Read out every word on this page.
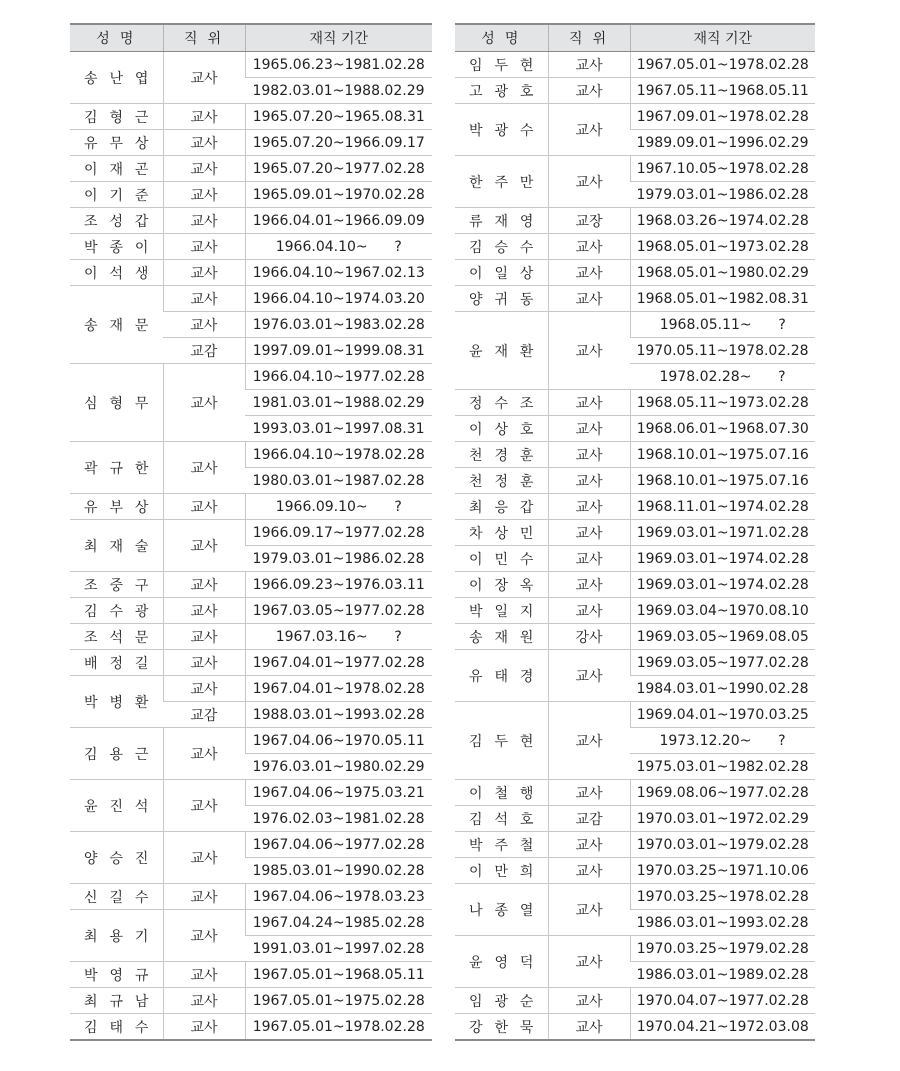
성 명	직 위	재직 기간
송난엽	교사	1965.06.23~1981.02.28
		1982.03.01~1988.02.29
김형근	교사	1965.07.20~1965.08.31
유무상	교사	1965.07.20~1966.09.17
이재곤	교사	1965.07.20~1977.02.28
이기준	교사	1965.09.01~1970.02.28
조성갑	교사	1966.04.01~1966.09.09
박종이	교사	1966.04.10~      ?
이석생	교사	1966.04.10~1967.02.13
송재문	교사	1966.04.10~1974.03.20
	교사	1976.03.01~1983.02.28
	교감	1997.09.01~1999.08.31
심형무	교사	1966.04.10~1977.02.28
		1981.03.01~1988.02.29
		1993.03.01~1997.08.31
곽규한	교사	1966.04.10~1978.02.28
		1980.03.01~1987.02.28
유부상	교사	1966.09.10~      ?
최재술	교사	1966.09.17~1977.02.28
		1979.03.01~1986.02.28
조중구	교사	1966.09.23~1976.03.11
김수광	교사	1967.03.05~1977.02.28
조석문	교사	1967.03.16~      ?
배정길	교사	1967.04.01~1977.02.28
박병환	교사	1967.04.01~1978.02.28
	교감	1988.03.01~1993.02.28
김용근	교사	1967.04.06~1970.05.11
		1976.03.01~1980.02.29
윤진석	교사	1967.04.06~1975.03.21
		1976.02.03~1981.02.28
양승진	교사	1967.04.06~1977.02.28
		1985.03.01~1990.02.28
신길수	교사	1967.04.06~1978.03.23
최용기	교사	1967.04.24~1985.02.28
		1991.03.01~1997.02.28
박영규	교사	1967.05.01~1968.05.11
최규남	교사	1967.05.01~1975.02.28
김태수	교사	1967.05.01~1978.02.28
성 명	직 위	재직 기간
임두현	교사	1967.05.01~1978.02.28
고광호	교사	1967.05.11~1968.05.11
박광수	교사	1967.09.01~1978.02.28
		1989.09.01~1996.02.29
한주만	교사	1967.10.05~1978.02.28
		1979.03.01~1986.02.28
류재영	교장	1968.03.26~1974.02.28
김승수	교사	1968.05.01~1973.02.28
이일상	교사	1968.05.01~1980.02.29
양귀동	교사	1968.05.01~1982.08.31
윤재환	교사	1968.05.11~      ?
		1970.05.11~1978.02.28
		1978.02.28~      ?
정수조	교사	1968.05.11~1973.02.28
이상호	교사	1968.06.01~1968.07.30
천경훈	교사	1968.10.01~1975.07.16
천정훈	교사	1968.10.01~1975.07.16
최응갑	교사	1968.11.01~1974.02.28
차상민	교사	1969.03.01~1971.02.28
이민수	교사	1969.03.01~1974.02.28
이장옥	교사	1969.03.01~1974.02.28
박일지	교사	1969.03.04~1970.08.10
송재원	강사	1969.03.05~1969.08.05
유태경	교사	1969.03.05~1977.02.28
		1984.03.01~1990.02.28
김두현	교사	1969.04.01~1970.03.25
		1973.12.20~      ?
		1975.03.01~1982.02.28
이철행	교사	1969.08.06~1977.02.28
김석호	교감	1970.03.01~1972.02.29
박주철	교사	1970.03.01~1979.02.28
이만희	교사	1970.03.25~1971.10.06
나종열	교사	1970.03.25~1978.02.28
		1986.03.01~1993.02.28
윤영덕	교사	1970.03.25~1979.02.28
		1986.03.01~1989.02.28
임광순	교사	1970.04.07~1977.02.28
강한묵	교사	1970.04.21~1972.03.08
